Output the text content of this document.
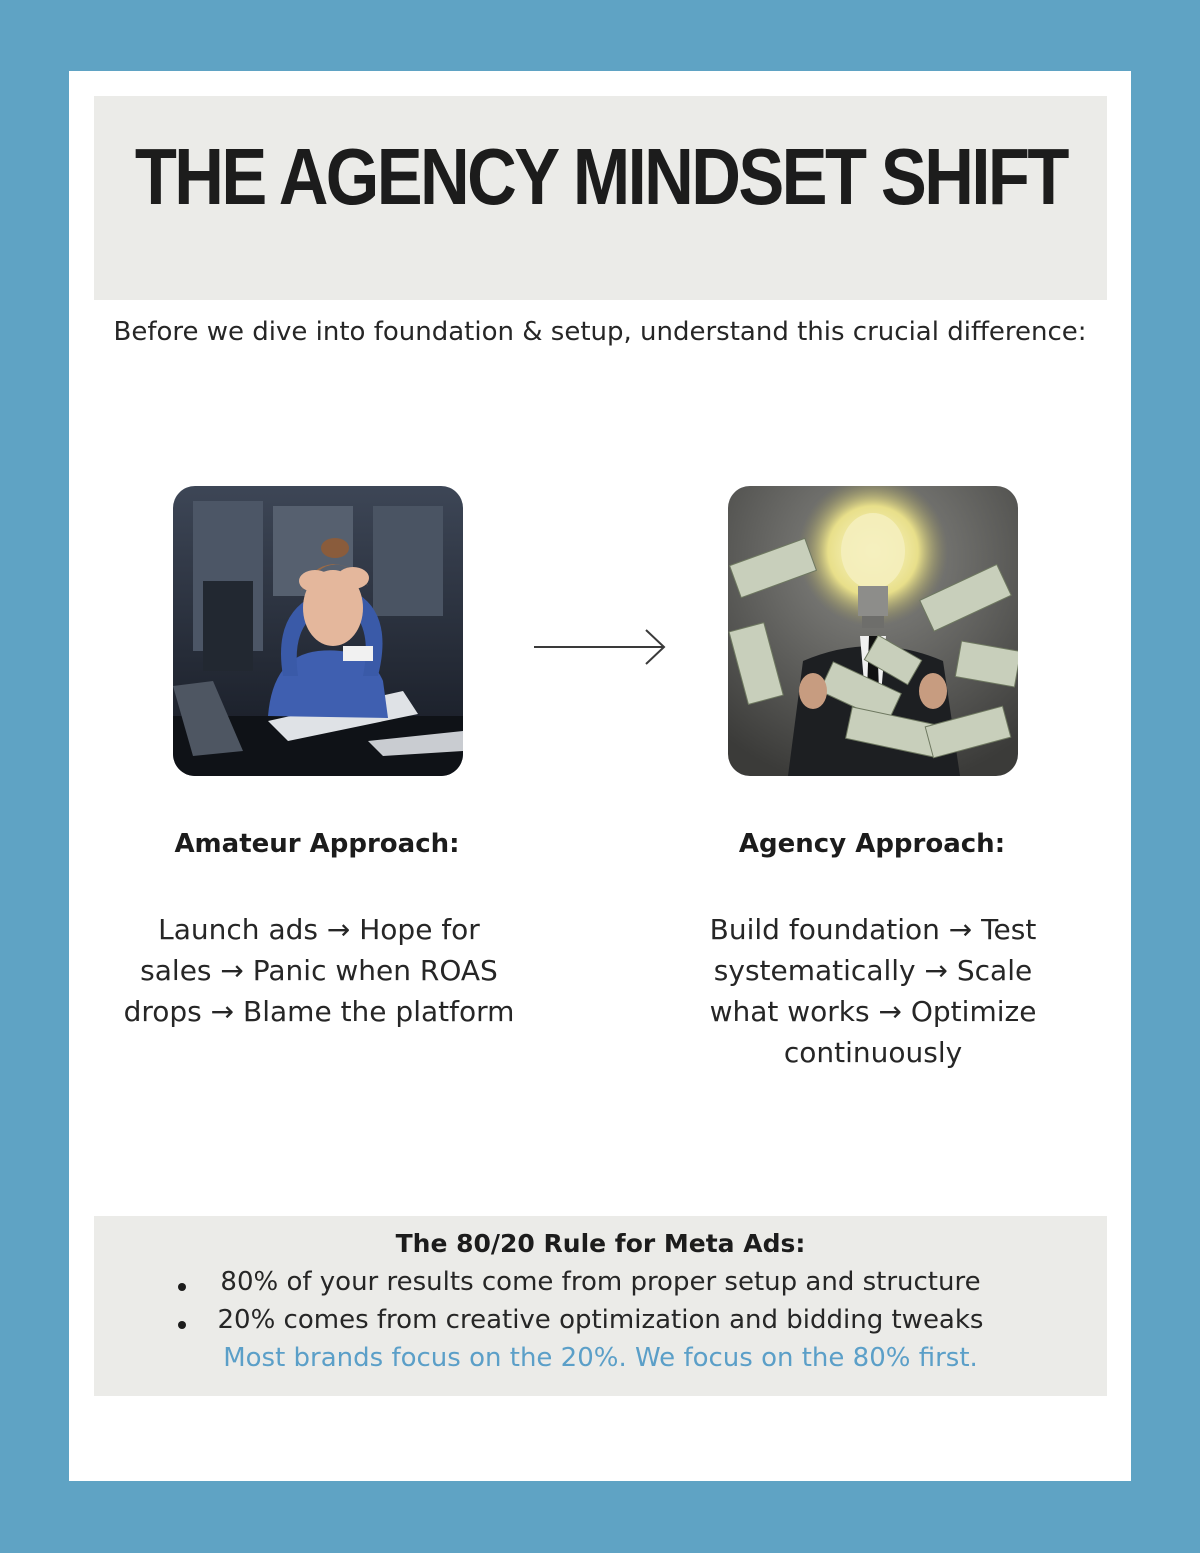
THE AGENCY MINDSET SHIFT
Before we dive into foundation & setup, understand this crucial difference:
Amateur Approach:
Launch ads → Hope for
sales → Panic when ROAS
drops → Blame the platform
Agency Approach:
Build foundation → Test
systematically → Scale
what works → Optimize
continuously
The 80/20 Rule for Meta Ads:
80% of your results come from proper setup and structure
20% comes from creative optimization and bidding tweaks
Most brands focus on the 20%. We focus on the 80% first.
